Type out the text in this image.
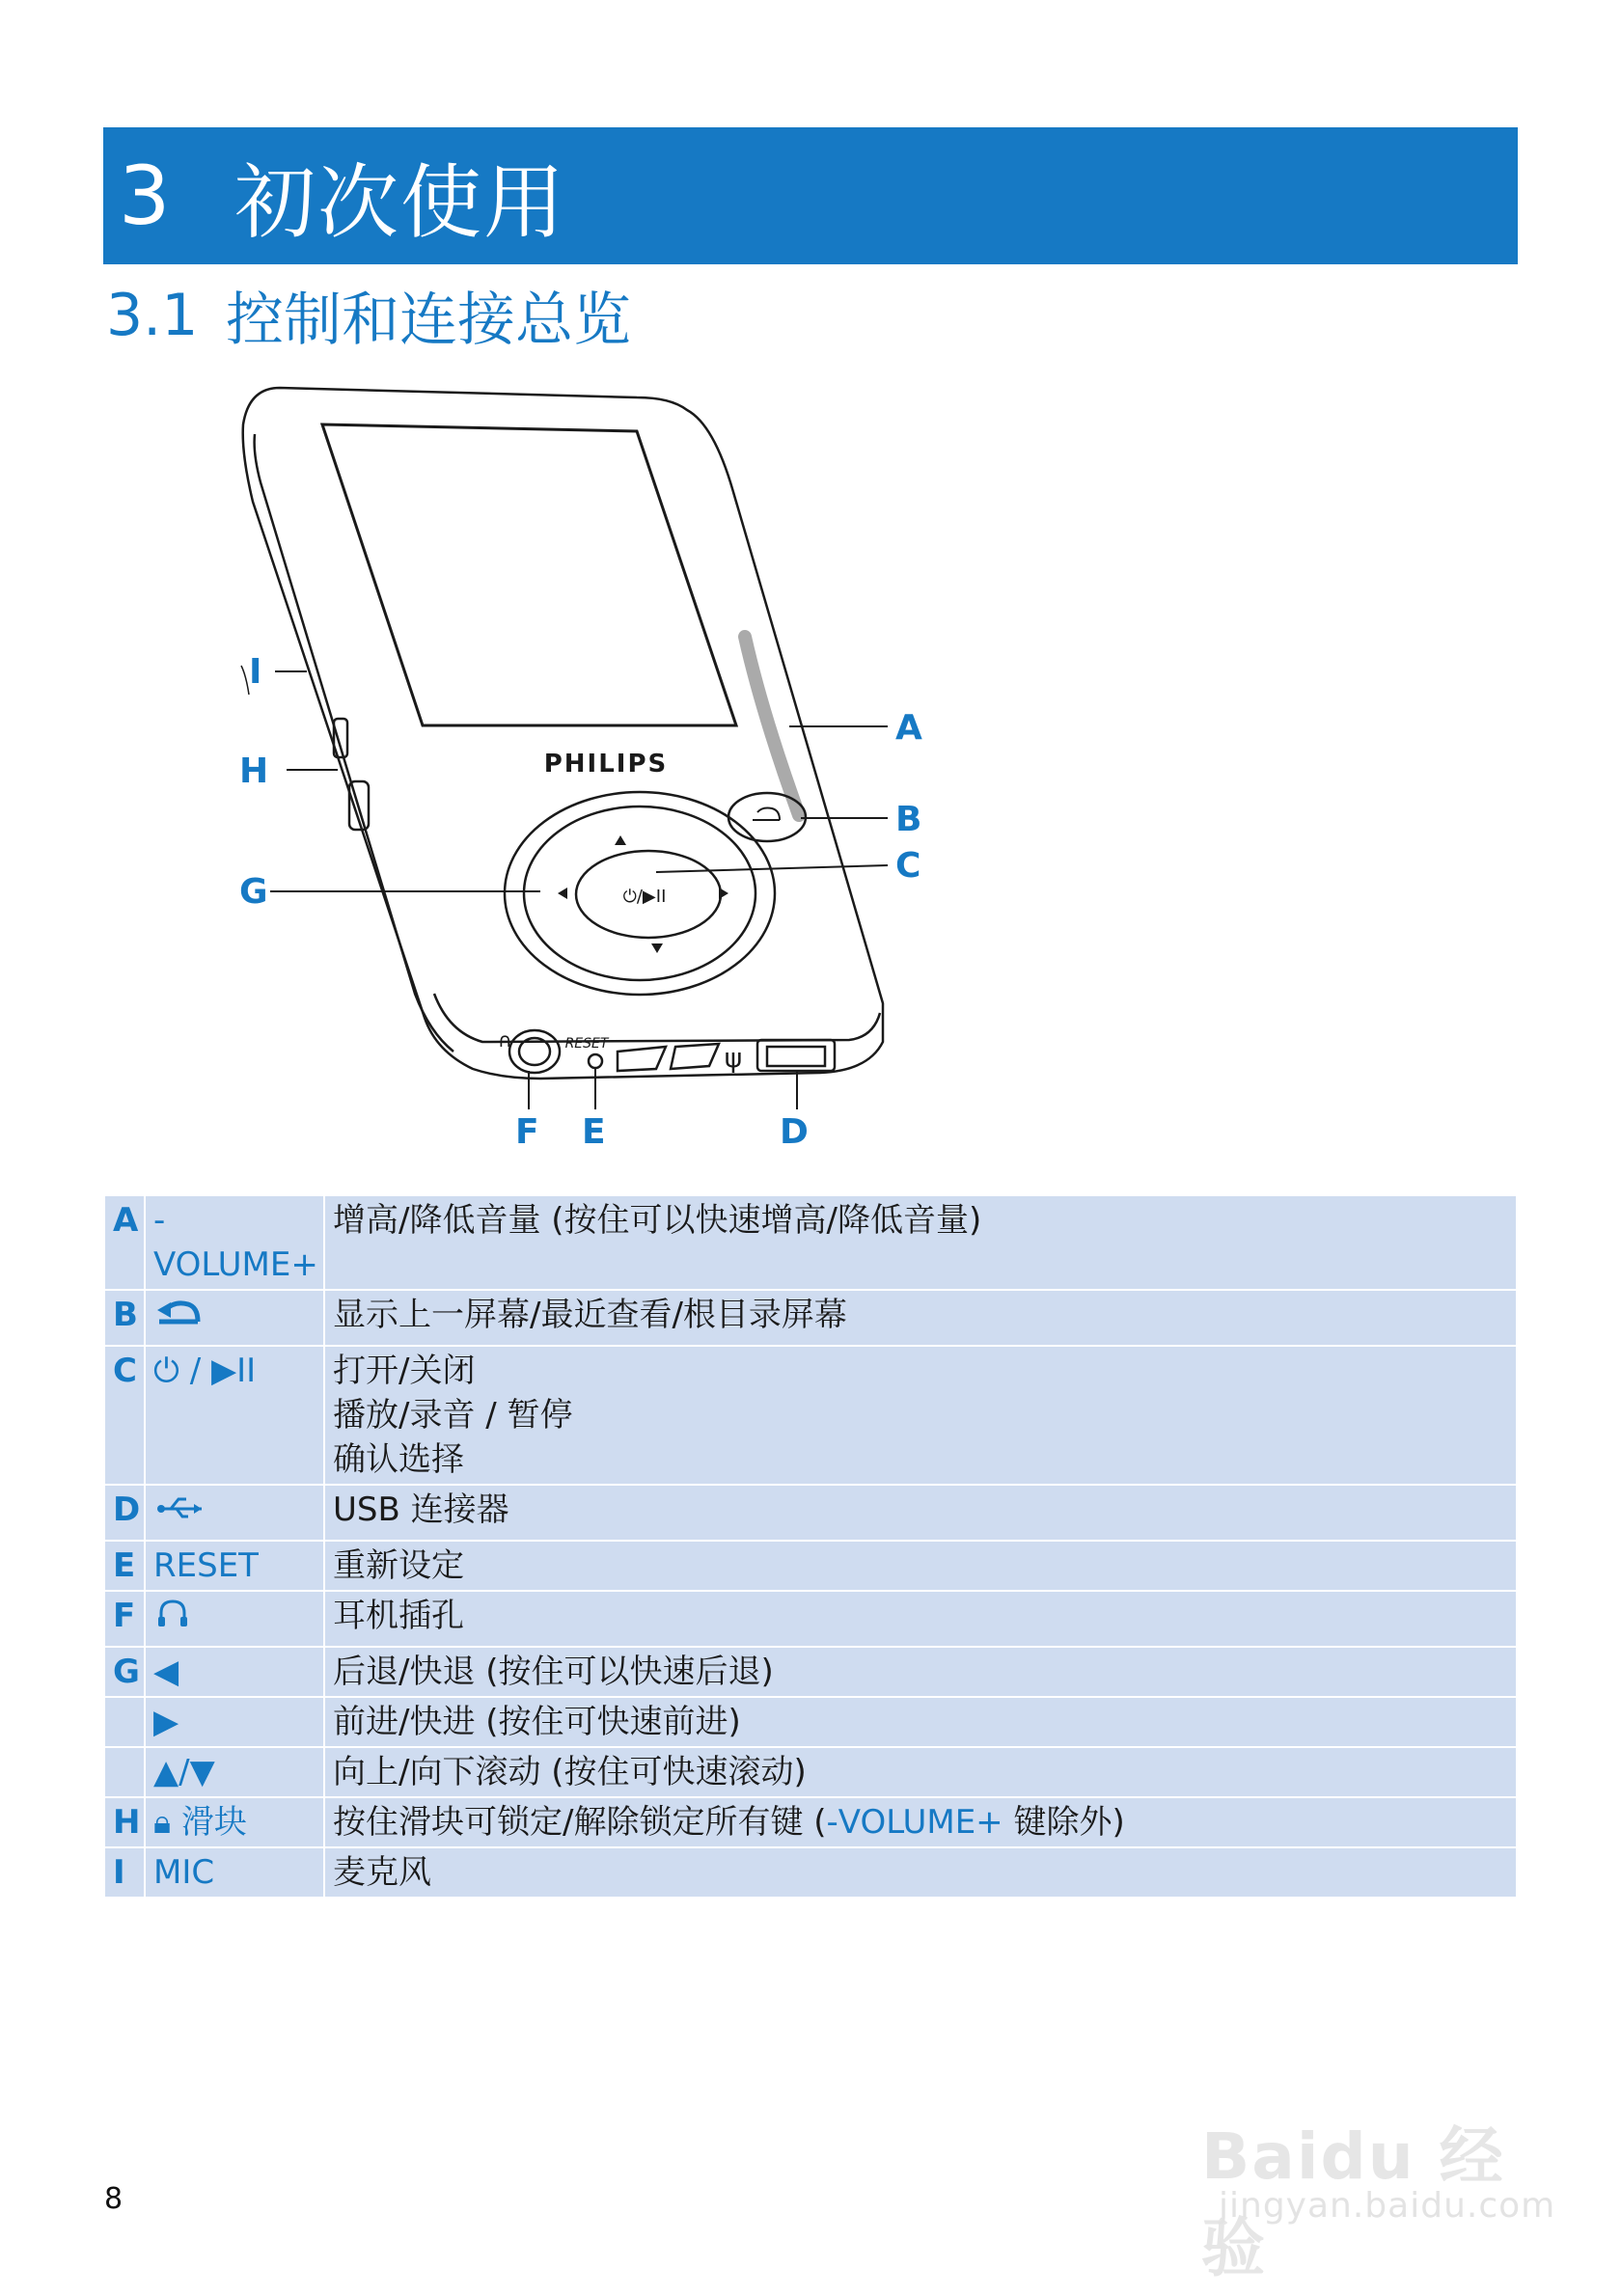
3 初次使用
3.1 控制和连接总览
PHILIPS
⏻/▶II
RESET	ψ
∩
I
H
G
A
B
C
F E	D
A	-VOLUME+	增高/降低音量 (按住可以快速增高/降低音量)
B		显示上一屏幕/最近查看/根目录屏幕
C	⏻ / ▶II	打开/关闭
播放/录音 / 暂停
确认选择

D		USB 连接器
E	RESET	重新设定
F		耳机插孔
G	◀	后退/快退 (按住可以快速后退)
	▶	前进/快进 (按住可快速前进)
	▲/▼	向上/向下滚动 (按住可快速滚动)
H	🔒︎ 滑块	按住滑块可锁定/解除锁定所有键 (-VOLUME+ 键除外)
I	MIC	麦克风
8
Baidu 经验
jingyan.baidu.com
